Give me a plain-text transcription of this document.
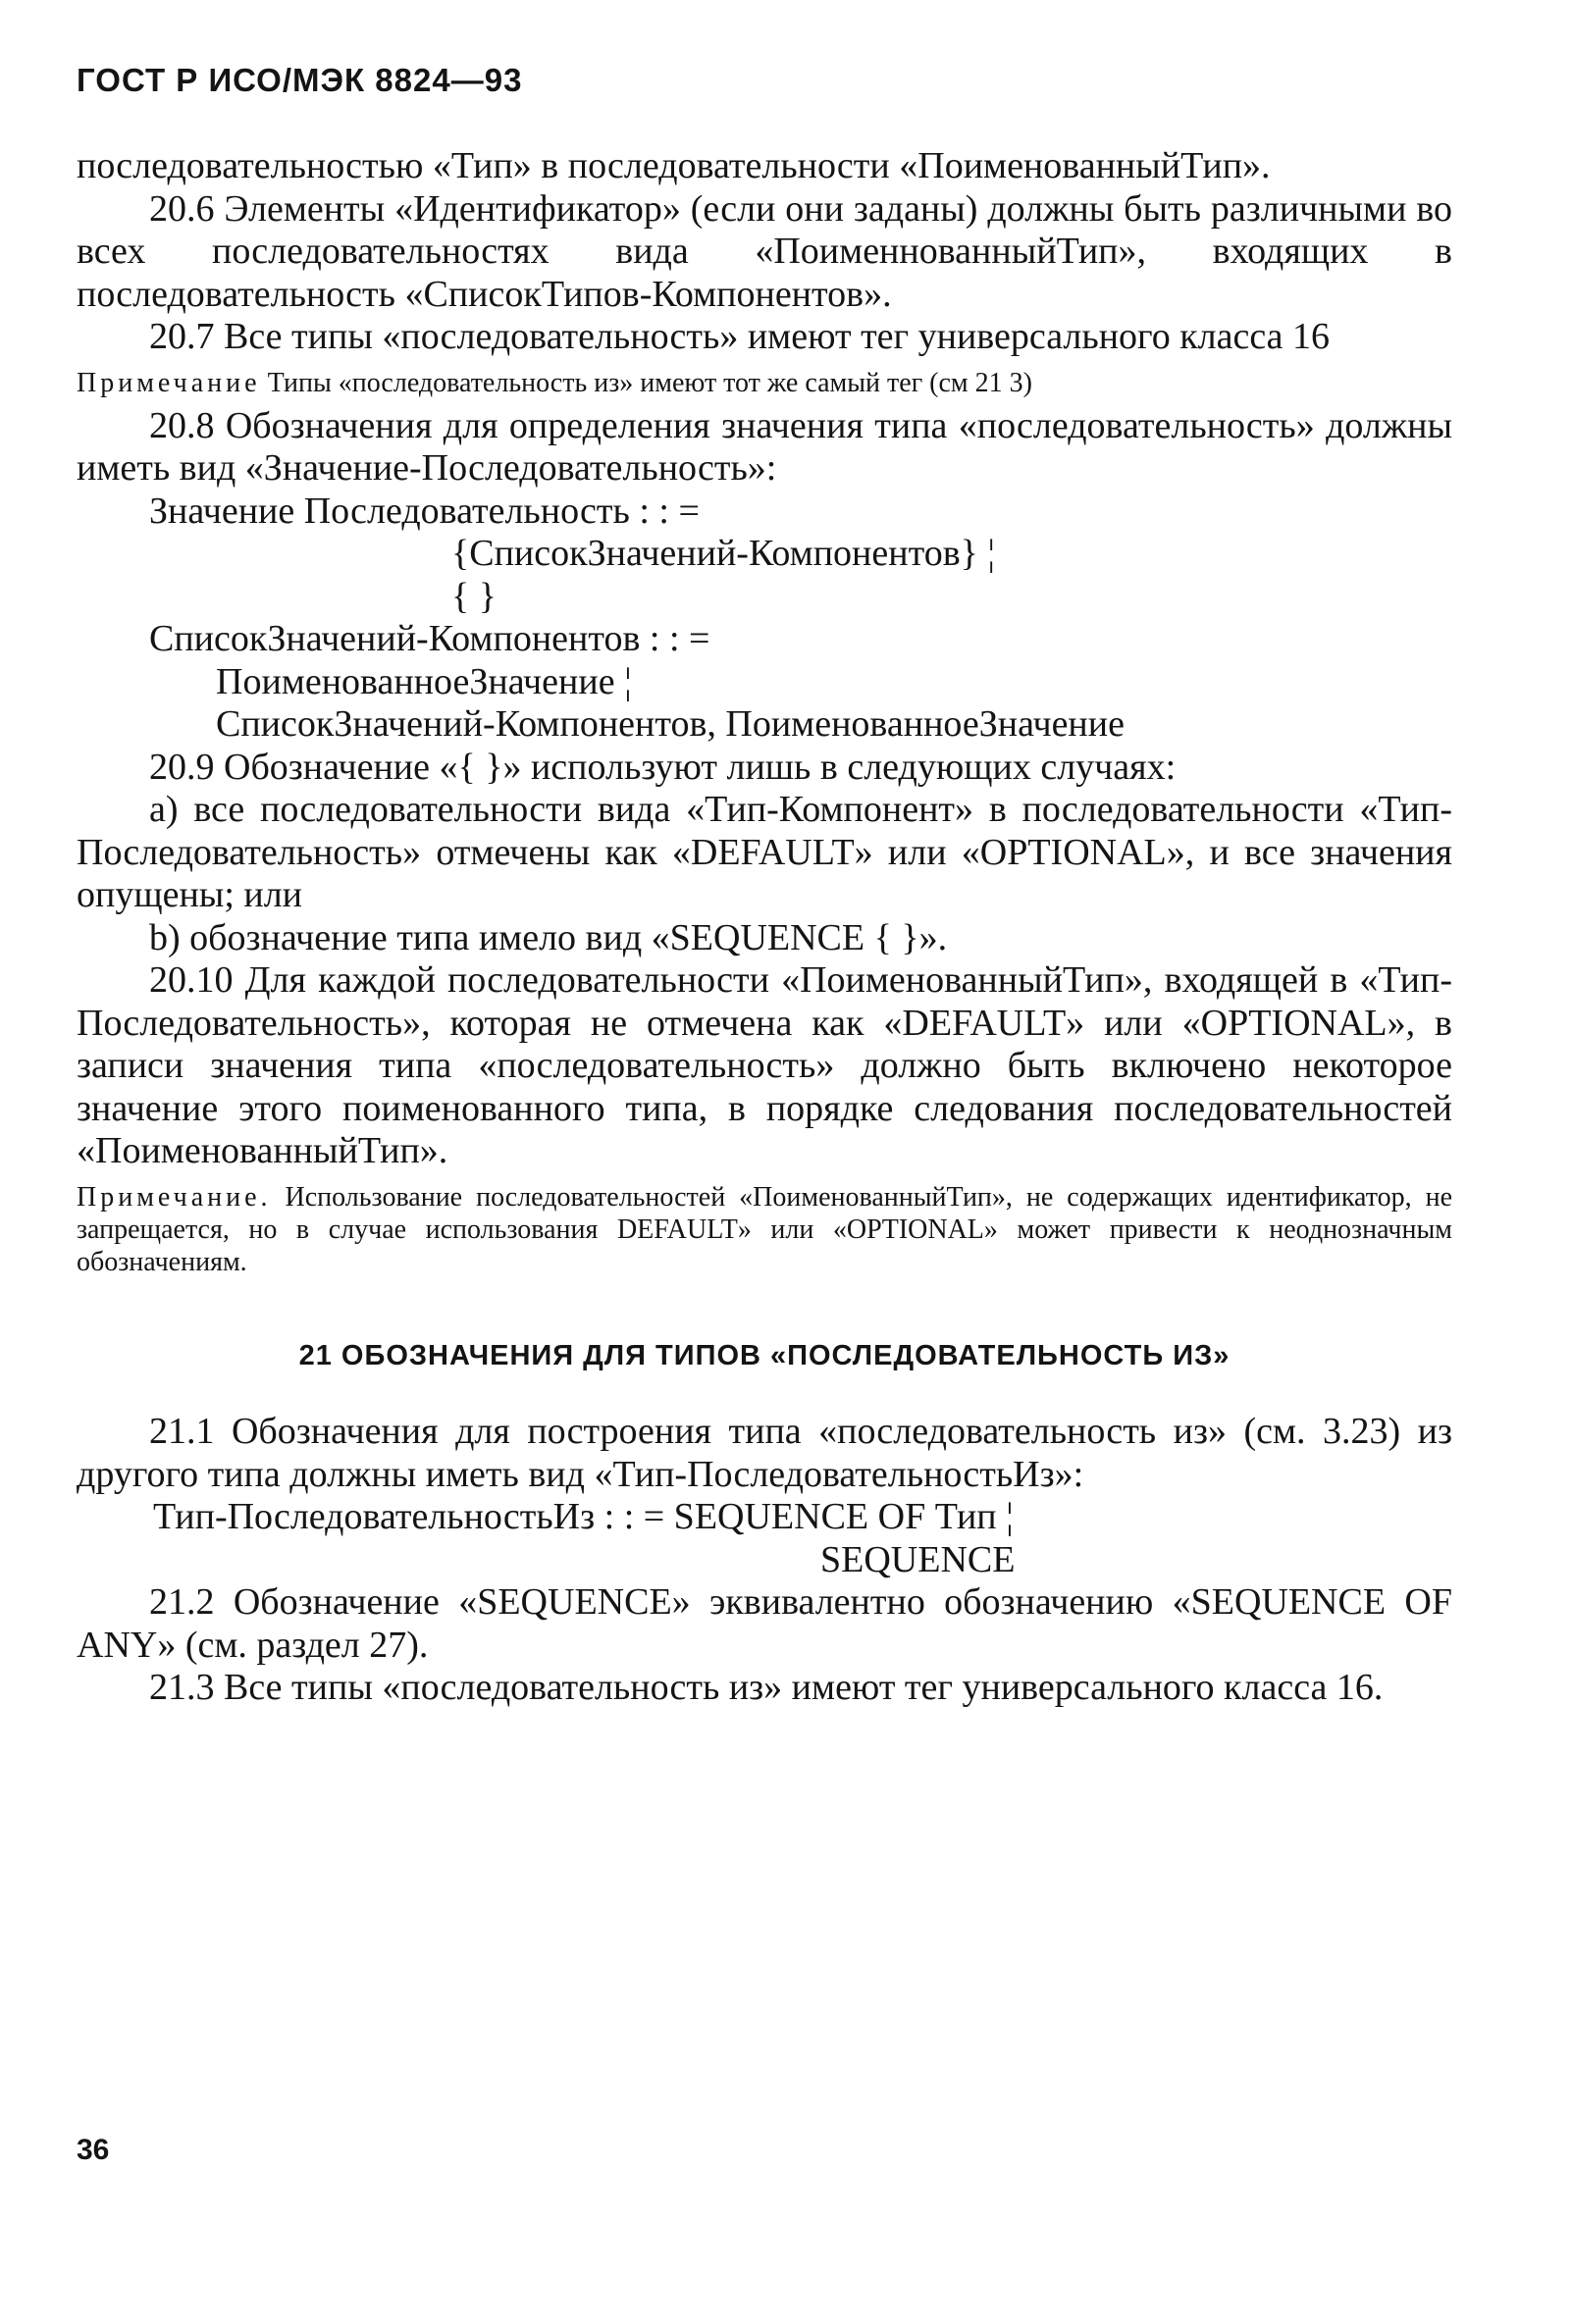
ГОСТ Р ИСО/МЭК 8824—93

последовательностью «Тип» в последовательности «ПоименованныйТип».

20.6 Элементы «Идентификатор» (если они заданы) должны быть различными во всех последовательностях вида «ПоименнованныйТип», входящих в последовательность «СписокТипов-Компонентов».

20.7 Все типы «последовательность» имеют тег универсального класса 16

Примечание Типы «последовательность из» имеют тот же самый тег (см 21 3)

20.8 Обозначения для определения значения типа «последовательность» должны иметь вид «Значение-Последовательность»:

Значение Последовательность : : =
{СписокЗначений-Компонентов} ¦
{ }
СписокЗначений-Компонентов : : =
ПоименованноеЗначение ¦
СписокЗначений-Компонентов, ПоименованноеЗначение

20.9 Обозначение «{ }» используют лишь в следующих случаях:

а) все последовательности вида «Тип-Компонент» в последовательности «Тип-Последовательность» отмечены как «DEFAULT» или «OPTIONAL», и все значения опущены; или

b) обозначение типа имело вид «SEQUENCE { }».

20.10 Для каждой последовательности «ПоименованныйТип», входящей в «Тип-Последовательность», которая не отмечена как «DEFAULT» или «OPTIONAL», в записи значения типа «последовательность» должно быть включено некоторое значение этого поименованного типа, в порядке следования последовательностей «ПоименованныйТип».

Примечание. Использование последовательностей «ПоименованныйТип», не содержащих идентификатор, не запрещается, но в случае использования DEFAULT» или «OPTIONAL» может привести к неоднозначным обозначениям.

21 ОБОЗНАЧЕНИЯ ДЛЯ ТИПОВ «ПОСЛЕДОВАТЕЛЬНОСТЬ ИЗ»

21.1 Обозначения для построения типа «последовательность из» (см. 3.23) из другого типа должны иметь вид «Тип-ПоследовательностьИз»:

Тип-ПоследовательностьИз : : = SEQUENCE OF Тип ¦
SEQUENCE

21.2 Обозначение «SEQUENCE» эквивалентно обозначению «SEQUENCE OF ANY» (см. раздел 27).

21.3 Все типы «последовательность из» имеют тег универсального класса 16.

36
